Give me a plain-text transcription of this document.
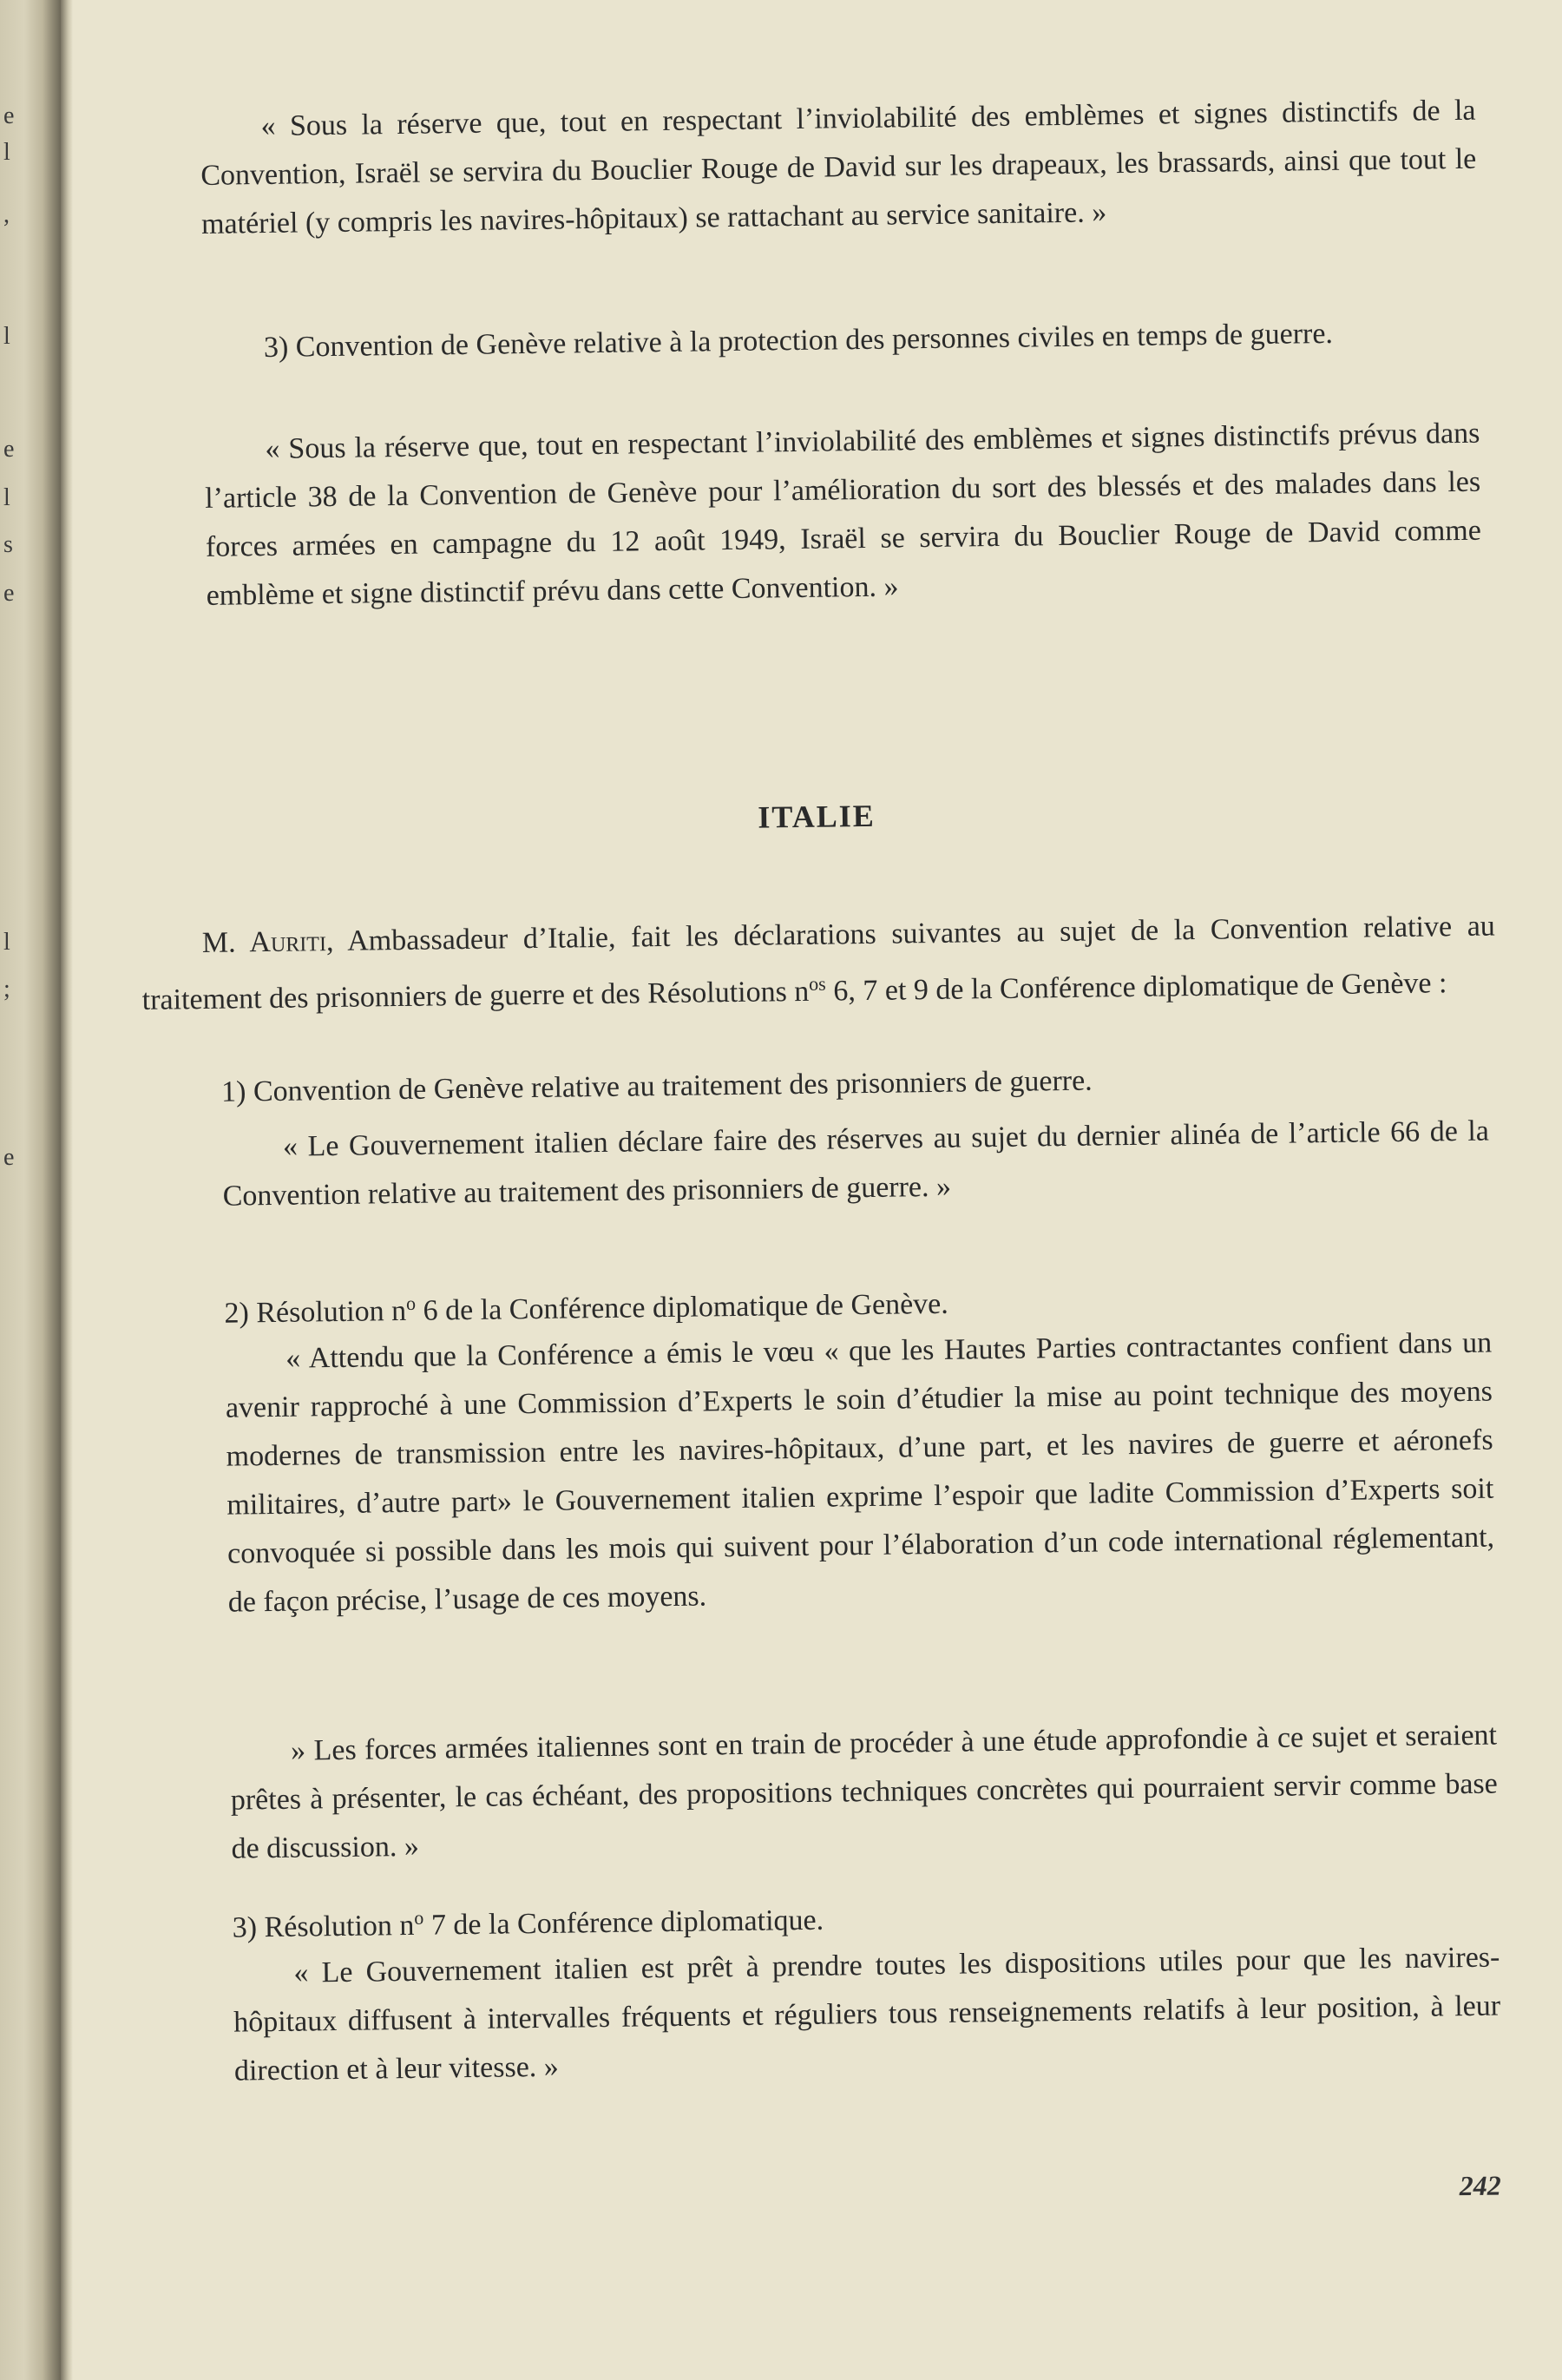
e
l
,
l
e
l
s
e
l
;
e

« Sous la réserve que, tout en respectant l’inviolabilité des emblèmes et signes distinctifs de la Convention, Israël se servira du Bouclier Rouge de David sur les drapeaux, les brassards, ainsi que tout le matériel (y compris les navires-hôpitaux) se rattachant au service sanitaire. »

3) Convention de Genève relative à la protection des personnes civiles en temps de guerre.

« Sous la réserve que, tout en respectant l’inviolabilité des emblèmes et signes distinctifs prévus dans l’article 38 de la Convention de Genève pour l’amélioration du sort des blessés et des malades dans les forces armées en campagne du 12 août 1949, Israël se servira du Bouclier Rouge de David comme emblème et signe distinctif prévu dans cette Convention. »

ITALIE

M. Auriti, Ambassadeur d’Italie, fait les déclarations suivantes au sujet de la Convention relative au traitement des prisonniers de guerre et des Résolutions $n^{os}$ 6, 7 et 9 de la Conférence diplomatique de Genève :

1) Convention de Genève relative au traitement des prisonniers de guerre.

« Le Gouvernement italien déclare faire des réserves au sujet du dernier alinéa de l’article 66 de la Convention relative au traitement des prisonniers de guerre. »

2) Résolution $n^o$ 6 de la Conférence diplomatique de Genève.

« Attendu que la Conférence a émis le vœu « que les Hautes Parties contractantes confient dans un avenir rapproché à une Commission d’Experts le soin d’étudier la mise au point technique des moyens modernes de transmission entre les navires-hôpitaux, d’une part, et les navires de guerre et aéronefs militaires, d’autre part» le Gouvernement italien exprime l’espoir que ladite Commission d’Experts soit convoquée si possible dans les mois qui suivent pour l’élaboration d’un code international réglementant, de façon précise, l’usage de ces moyens.

» Les forces armées italiennes sont en train de procéder à une étude approfondie à ce sujet et seraient prêtes à présenter, le cas échéant, des propositions techniques concrètes qui pourraient servir comme base de discussion. »

3) Résolution $n^o$ 7 de la Conférence diplomatique.

« Le Gouvernement italien est prêt à prendre toutes les dispositions utiles pour que les navires-hôpitaux diffusent à intervalles fréquents et réguliers tous renseignements relatifs à leur position, à leur direction et à leur vitesse. »

242
